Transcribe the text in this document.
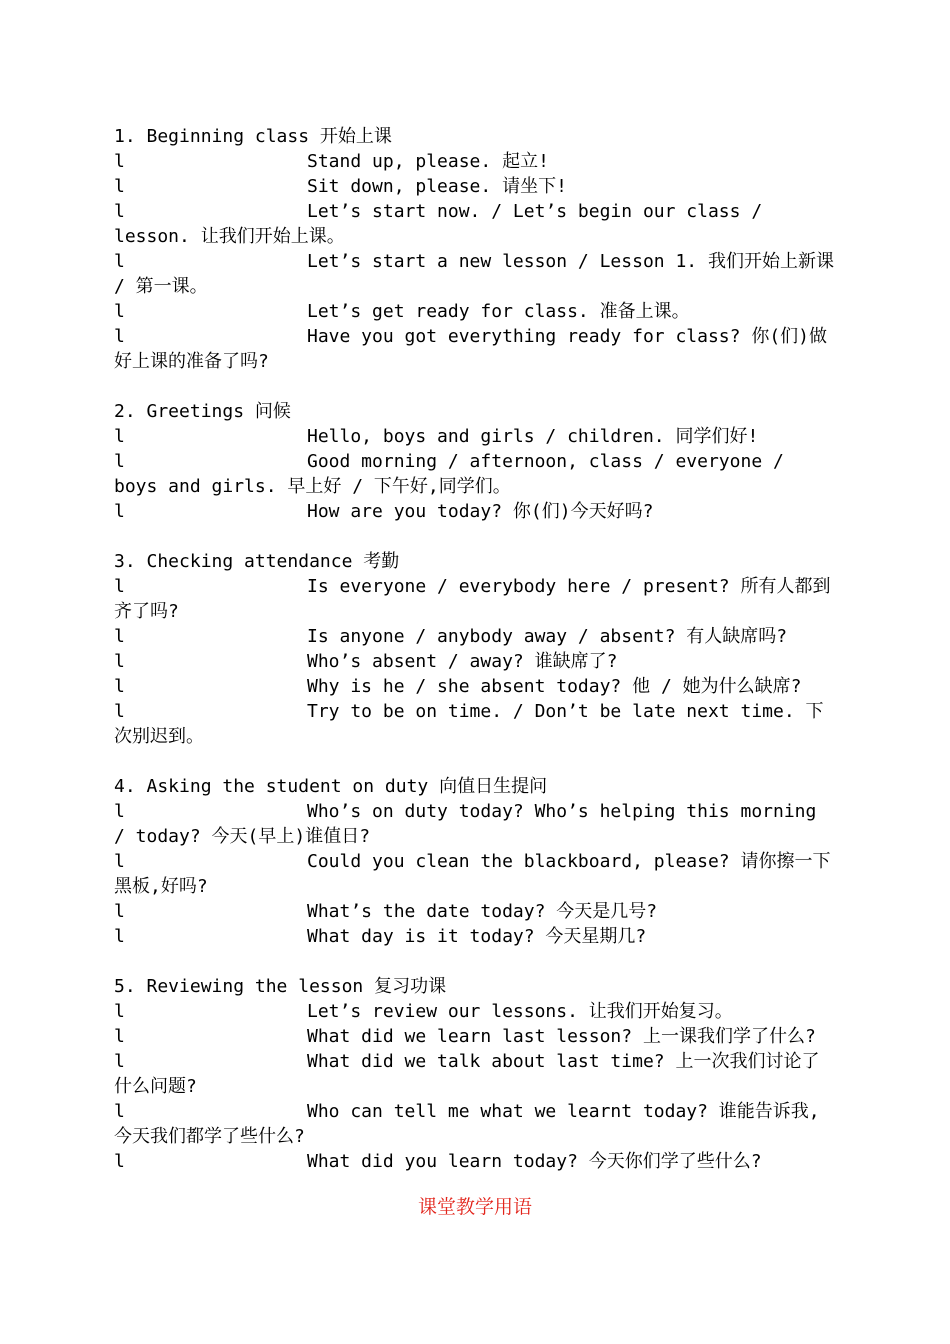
1. Beginning class 开始上课
l	Stand up, please. 起立!
l	Sit down, please. 请坐下!
l	Let’s start now. / Let’s begin our class / lesson. 让我们开始上课。
l	Let’s start a new lesson / Lesson 1. 我们开始上新课 / 第一课。
l	Let’s get ready for class. 准备上课。
l	Have you got everything ready for class? 你(们)做好上课的准备了吗?
2. Greetings 问候
l	Hello, boys and girls / children. 同学们好!
l	Good morning / afternoon, class / everyone / boys and girls. 早上好 / 下午好,同学们。
l	How are you today? 你(们)今天好吗?
3. Checking attendance 考勤
l	Is everyone / everybody here / present? 所有人都到齐了吗?
l	Is anyone / anybody away / absent? 有人缺席吗?
l	Who’s absent / away? 谁缺席了?
l	Why is he / she absent today? 他 / 她为什么缺席?
l	Try to be on time. / Don’t be late next time. 下次别迟到。
4. Asking the student on duty 向值日生提问
l	Who’s on duty today? Who’s helping this morning / today? 今天(早上)谁值日?
l	Could you clean the blackboard, please? 请你擦一下黑板,好吗?
l	What’s the date today? 今天是几号?
l	What day is it today? 今天星期几?
5. Reviewing the lesson 复习功课
l	Let’s review our lessons. 让我们开始复习。
l	What did we learn last lesson? 上一课我们学了什么?
l	What did we talk about last time? 上一次我们讨论了什么问题?
l	Who can tell me what we learnt today? 谁能告诉我,今天我们都学了些什么?
l	What did you learn today? 今天你们学了些什么?
课堂教学用语
